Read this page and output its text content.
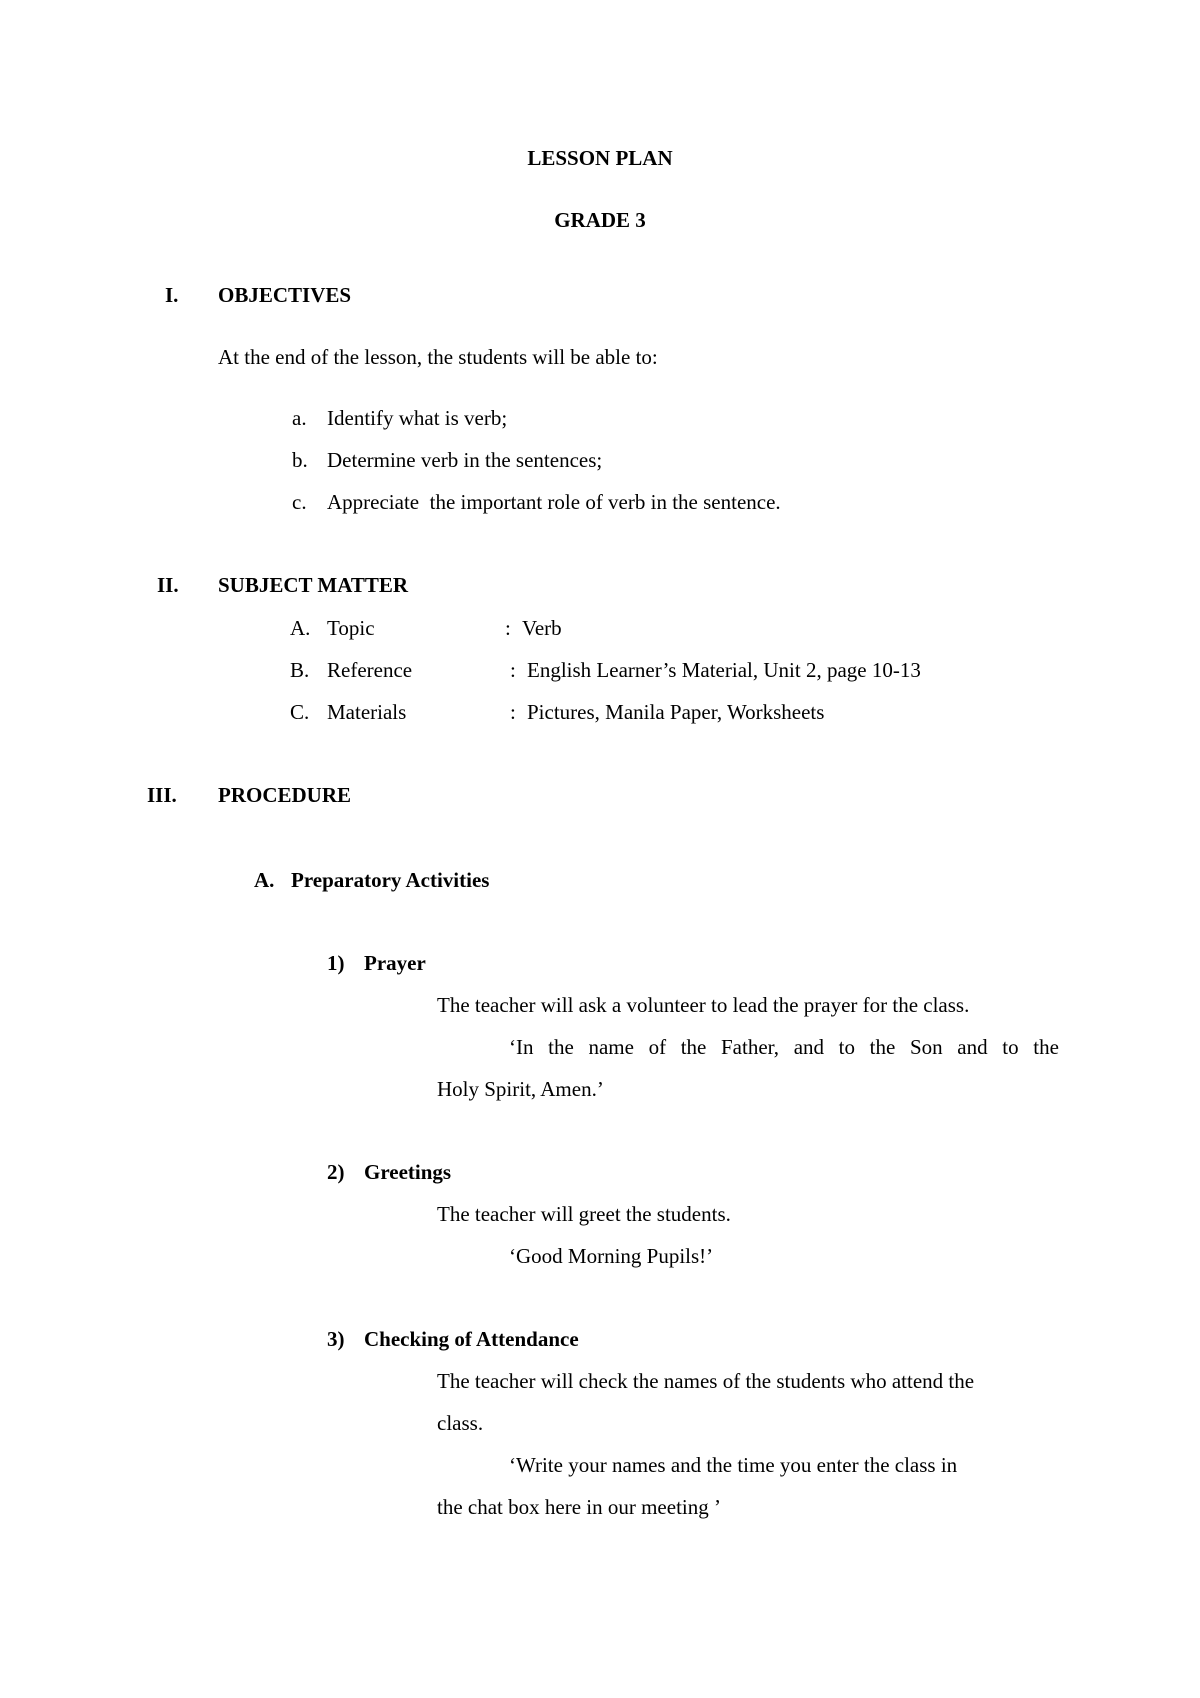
LESSON PLAN
GRADE 3
I. OBJECTIVES
At the end of the lesson, the students will be able to:
a. Identify what is verb;
b. Determine verb in the sentences;
c. Appreciate  the important role of verb in the sentence.
II. SUBJECT MATTER
A. Topic	: Verb
B. Reference	: English Learner’s Material, Unit 2, page 10-13
C. Materials	: Pictures, Manila Paper, Worksheets
III. PROCEDURE
A. Preparatory Activities
1) Prayer
The teacher will ask a volunteer to lead the prayer for the class.
‘In the name of the Father, and to the Son and to the
Holy Spirit, Amen.’
2) Greetings
The teacher will greet the students.
‘Good Morning Pupils!’
3) Checking of Attendance
The teacher will check the names of the students who attend the
class.
‘Write your names and the time you enter the class in
the chat box here in our meeting ’
